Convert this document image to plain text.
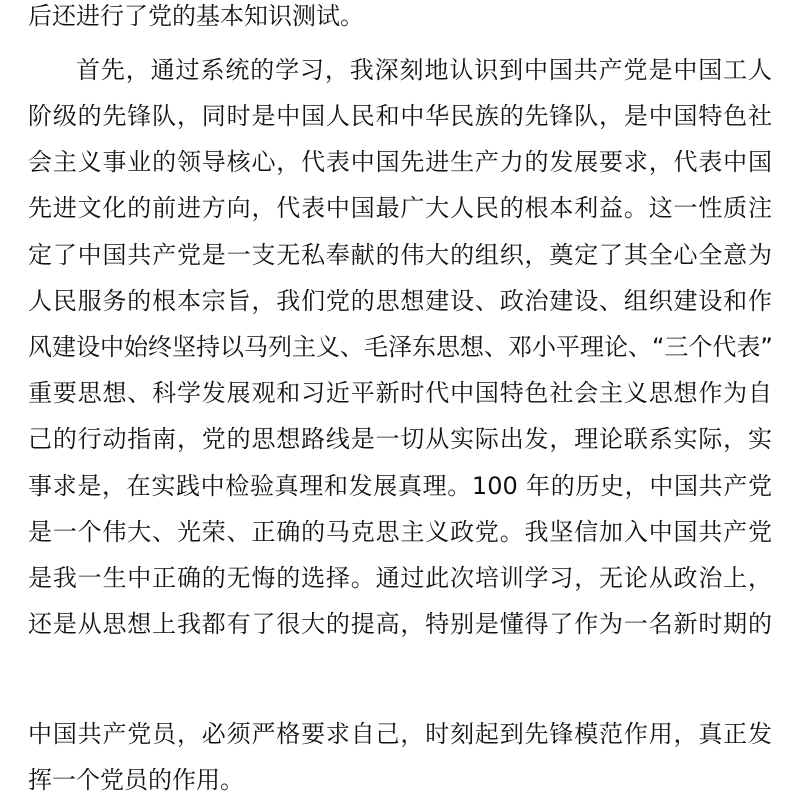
后还进行了党的基本知识测试。
首先，通过系统的学习，我深刻地认识到中国共产党是中国工人
阶级的先锋队，同时是中国人民和中华民族的先锋队，是中国特色社
会主义事业的领导核心，代表中国先进生产力的发展要求，代表中国
先进文化的前进方向，代表中国最广大人民的根本利益。这一性质注
定了中国共产党是一支无私奉献的伟大的组织，奠定了其全心全意为
人民服务的根本宗旨，我们党的思想建设、政治建设、组织建设和作
风建设中始终坚持以马列主义、毛泽东思想、邓小平理论、“三个代表”
重要思想、科学发展观和习近平新时代中国特色社会主义思想作为自
己的行动指南，党的思想路线是一切从实际出发，理论联系实际，实
事求是，在实践中检验真理和发展真理。100 年的历史，中国共产党
是一个伟大、光荣、正确的马克思主义政党。我坚信加入中国共产党
是我一生中正确的无悔的选择。通过此次培训学习，无论从政治上，
还是从思想上我都有了很大的提高，特别是懂得了作为一名新时期的
中国共产党员，必须严格要求自己，时刻起到先锋模范作用，真正发
挥一个党员的作用。
